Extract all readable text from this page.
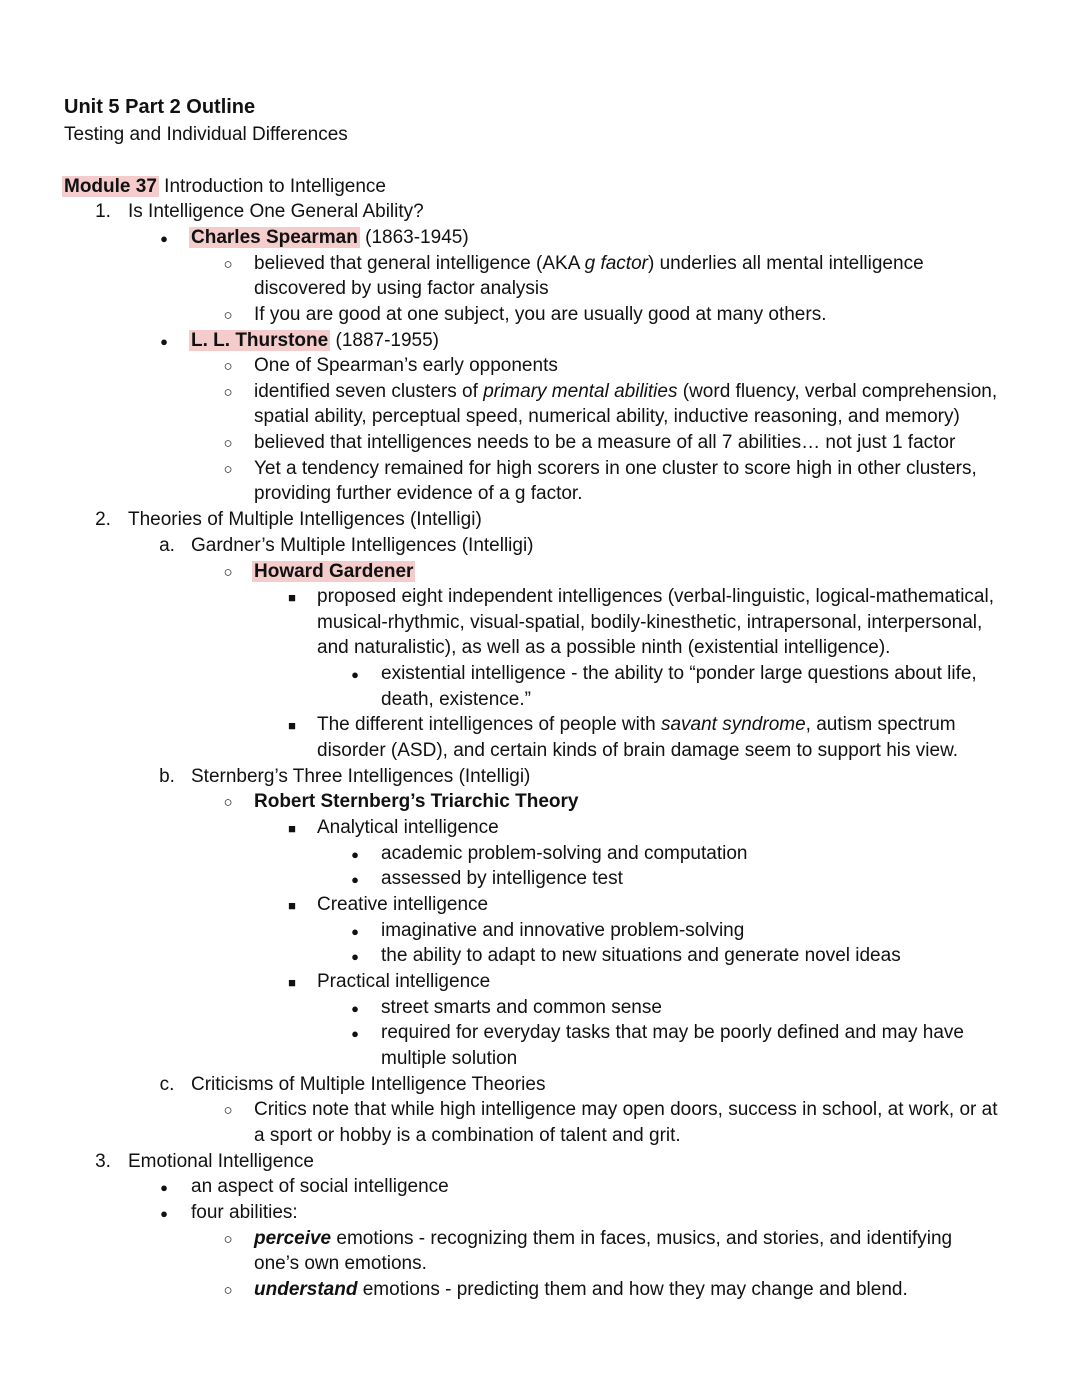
Unit 5 Part 2 Outline
Testing and Individual Differences
Module 37 Introduction to Intelligence
1. Is Intelligence One General Ability?
●
Charles Spearman (1863-1945)
○
believed that general intelligence (AKA g factor) underlies all mental intelligence
discovered by using factor analysis
○
If you are good at one subject, you are usually good at many others.
●
L. L. Thurstone (1887-1955)
○
One of Spearman’s early opponents
○
identified seven clusters of primary mental abilities (word fluency, verbal comprehension,
spatial ability, perceptual speed, numerical ability, inductive reasoning, and memory)
○
believed that intelligences needs to be a measure of all 7 abilities… not just 1 factor
○
Yet a tendency remained for high scorers in one cluster to score high in other clusters,
providing further evidence of a g factor.
2. Theories of Multiple Intelligences (Intelligi)
a. Gardner’s Multiple Intelligences (Intelligi)
○
Howard Gardener
■
proposed eight independent intelligences (verbal-linguistic, logical-mathematical,
musical-rhythmic, visual-spatial, bodily-kinesthetic, intrapersonal, interpersonal,
and naturalistic), as well as a possible ninth (existential intelligence).
●
existential intelligence - the ability to “ponder large questions about life,
death, existence.”
■
The different intelligences of people with savant syndrome, autism spectrum
disorder (ASD), and certain kinds of brain damage seem to support his view.
b. Sternberg’s Three Intelligences (Intelligi)
○
Robert Sternberg’s Triarchic Theory
■
Analytical intelligence
●
academic problem-solving and computation
●
assessed by intelligence test
■
Creative intelligence
●
imaginative and innovative problem-solving
●
the ability to adapt to new situations and generate novel ideas
■
Practical intelligence
●
street smarts and common sense
●
required for everyday tasks that may be poorly defined and may have
multiple solution
c. Criticisms of Multiple Intelligence Theories
○
Critics note that while high intelligence may open doors, success in school, at work, or at
a sport or hobby is a combination of talent and grit.
3. Emotional Intelligence
●
an aspect of social intelligence
●
four abilities:
○
perceive emotions - recognizing them in faces, musics, and stories, and identifying
one’s own emotions.
○
understand emotions - predicting them and how they may change and blend.
